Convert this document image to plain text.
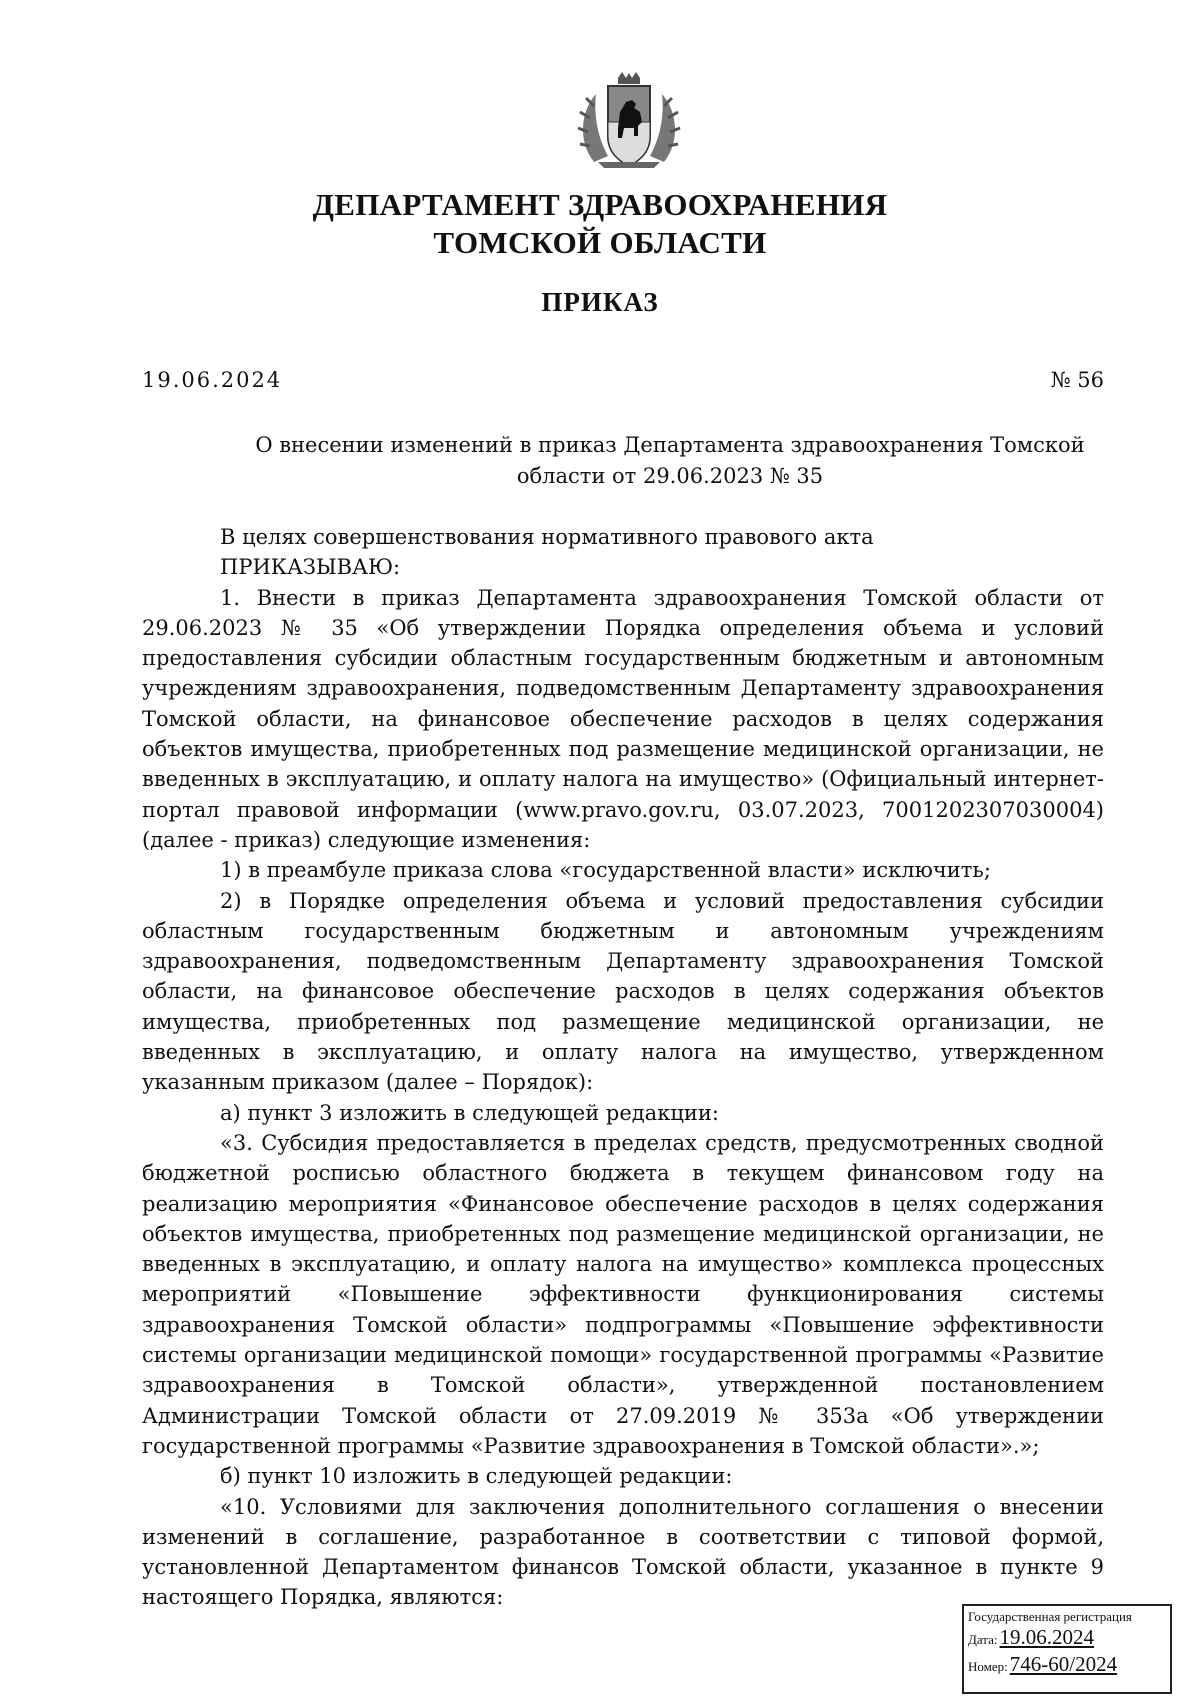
ДЕПАРТАМЕНТ ЗДРАВООХРАНЕНИЯ
ТОМСКОЙ ОБЛАСТИ
ПРИКАЗ
19.06.2024	№ 56
О внесении изменений в приказ Департамента здравоохранения Томской области от 29.06.2023 № 35

В целях совершенствования нормативного правового акта

ПРИКАЗЫВАЮ:

1. Внести в приказ Департамента здравоохранения Томской области от 29.06.2023 № 35 «Об утверждении Порядка определения объема и условий предоставления субсидии областным государственным бюджетным и автономным учреждениям здравоохранения, подведомственным Департаменту здравоохранения Томской области, на финансовое обеспечение расходов в целях содержания объектов имущества, приобретенных под размещение медицинской организации, не введенных в эксплуатацию, и оплату налога на имущество» (Официальный интернет-портал правовой информации (www.pravo.gov.ru, 03.07.2023, 7001202307030004) (далее - приказ) следующие изменения:

1) в преамбуле приказа слова «государственной власти» исключить;

2) в Порядке определения объема и условий предоставления субсидии областным государственным бюджетным и автономным учреждениям здравоохранения, подведомственным Департаменту здравоохранения Томской области, на финансовое обеспечение расходов в целях содержания объектов имущества, приобретенных под размещение медицинской организации, не введенных в эксплуатацию, и оплату налога на имущество, утвержденном указанным приказом (далее – Порядок):

а) пункт 3 изложить в следующей редакции:

«3. Субсидия предоставляется в пределах средств, предусмотренных сводной бюджетной росписью областного бюджета в текущем финансовом году на реализацию мероприятия «Финансовое обеспечение расходов в целях содержания объектов имущества, приобретенных под размещение медицинской организации, не введенных в эксплуатацию, и оплату налога на имущество» комплекса процессных мероприятий «Повышение эффективности функционирования системы здравоохранения Томской области» подпрограммы «Повышение эффективности системы организации медицинской помощи» государственной программы «Развитие здравоохранения в Томской области», утвержденной постановлением Администрации Томской области от 27.09.2019 № 353а «Об утверждении государственной программы «Развитие здравоохранения в Томской области».»;

б) пункт 10 изложить в следующей редакции:

«10. Условиями для заключения дополнительного соглашения о внесении изменений в соглашение, разработанное в соответствии с типовой формой, установленной Департаментом финансов Томской области, указанное в пункте 9 настоящего Порядка, являются:

Государственная регистрация
Дата:19.06.2024
Номер:746-60/2024
